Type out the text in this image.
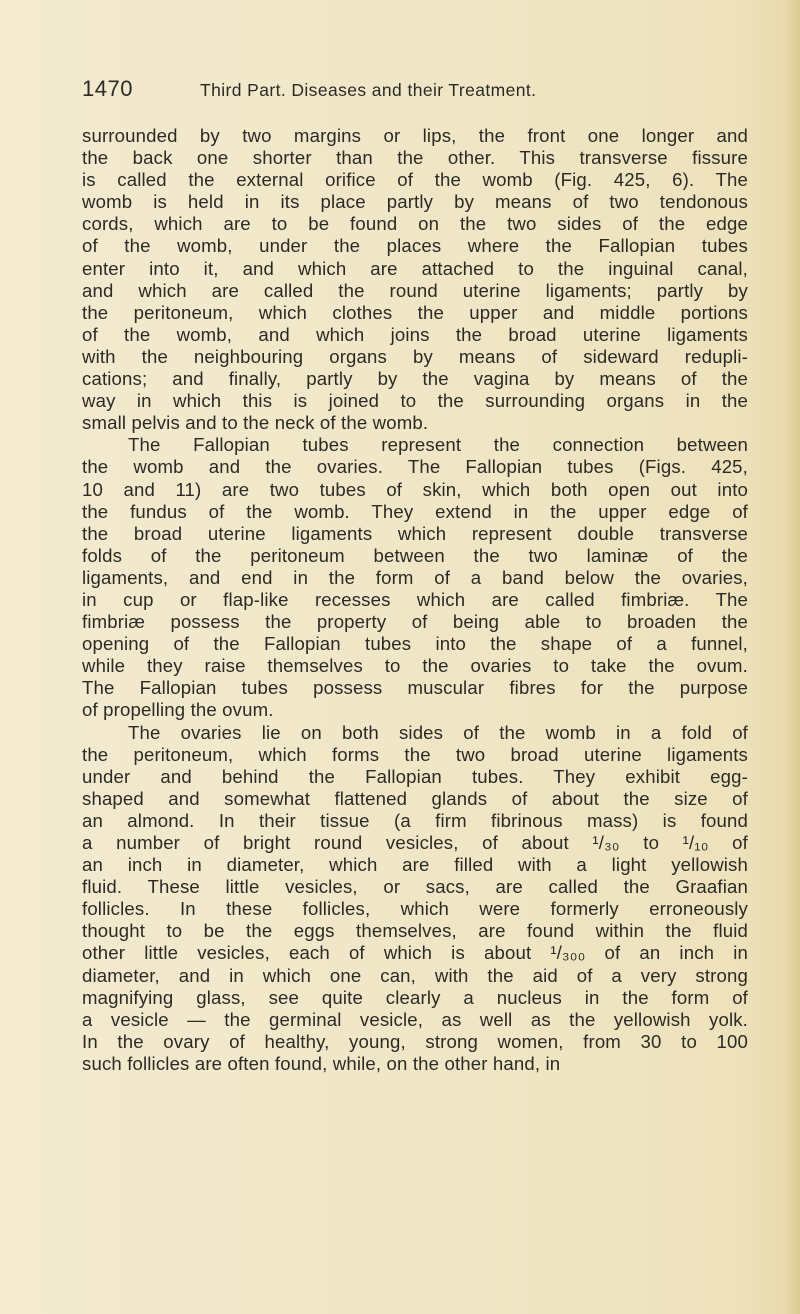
1470	Third Part. Diseases and their Treatment.
surrounded by two margins or lips, the front one longer and
the back one shorter than the other. This transverse fissure
is called the external orifice of the womb (Fig. 425, 6). The
womb is held in its place partly by means of two tendonous
cords, which are to be found on the two sides of the edge
of the womb, under the places where the Fallopian tubes
enter into it, and which are attached to the inguinal canal,
and which are called the round uterine ligaments; partly by
the peritoneum, which clothes the upper and middle portions
of the womb, and which joins the broad uterine ligaments
with the neighbouring organs by means of sideward redupli-
cations; and finally, partly by the vagina by means of the
way in which this is joined to the surrounding organs in the
small pelvis and to the neck of the womb.
The Fallopian tubes represent the connection between
the womb and the ovaries. The Fallopian tubes (Figs. 425,
10 and 11) are two tubes of skin, which both open out into
the fundus of the womb. They extend in the upper edge of
the broad uterine ligaments which represent double transverse
folds of the peritoneum between the two laminæ of the
ligaments, and end in the form of a band below the ovaries,
in cup or flap-like recesses which are called fimbriæ. The
fimbriæ possess the property of being able to broaden the
opening of the Fallopian tubes into the shape of a funnel,
while they raise themselves to the ovaries to take the ovum.
The Fallopian tubes possess muscular fibres for the purpose
of propelling the ovum.
The ovaries lie on both sides of the womb in a fold of
the peritoneum, which forms the two broad uterine ligaments
under and behind the Fallopian tubes. They exhibit egg-
shaped and somewhat flattened glands of about the size of
an almond. In their tissue (a firm fibrinous mass) is found
a number of bright round vesicles, of about ¹/₃₀ to ¹/₁₀ of
an inch in diameter, which are filled with a light yellowish
fluid. These little vesicles, or sacs, are called the Graafian
follicles. In these follicles, which were formerly erroneously
thought to be the eggs themselves, are found within the fluid
other little vesicles, each of which is about ¹/₃₀₀ of an inch in
diameter, and in which one can, with the aid of a very strong
magnifying glass, see quite clearly a nucleus in the form of
a vesicle — the germinal vesicle, as well as the yellowish yolk.
In the ovary of healthy, young, strong women, from 30 to 100
such follicles are often found, while, on the other hand, in
